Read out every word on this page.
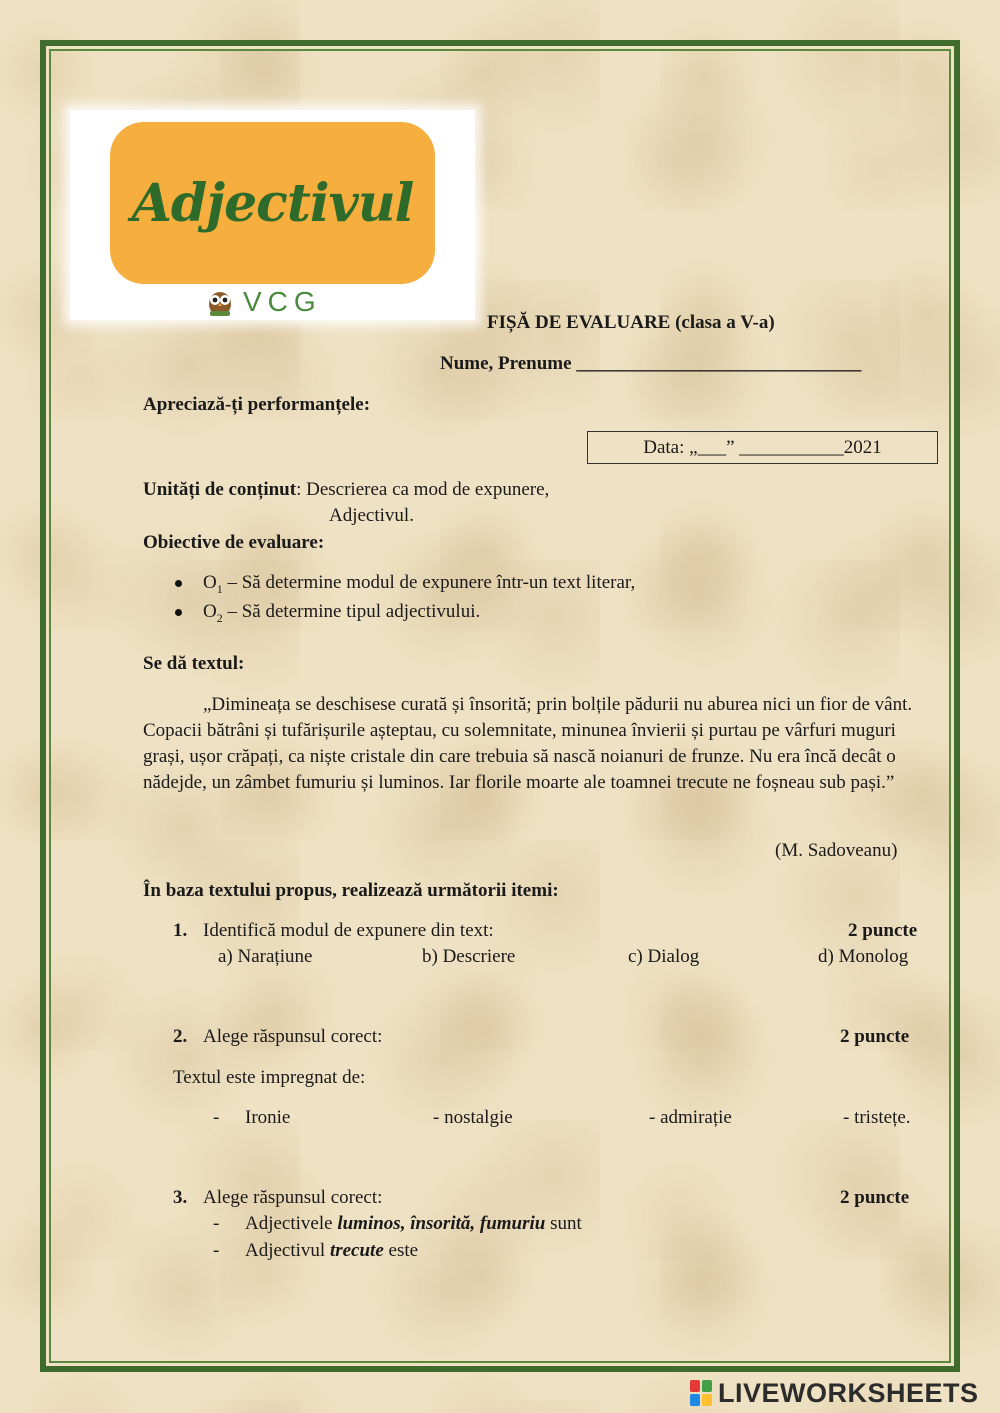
Adjectivul
VCG
FIȘĂ DE EVALUARE (clasa a V-a)
Nume, Prenume ______________________________
Apreciază-ți performanțele:
Data: „___” ___________2021
Unități de conținut: Descrierea ca mod de expunere,
Adjectivul.
Obiective de evaluare:
$O_1$ – Să determine modul de expunere într-un text literar,
$O_2$ – Să determine tipul adjectivului.
Se dă textul:
„Dimineața se deschisese curată și însorită; prin bolțile pădurii nu aburea nici un fior de vânt. Copacii bătrâni și tufărișurile așteptau, cu solemnitate, minunea învierii și purtau pe vârfuri muguri grași, ușor crăpați, ca niște cristale din care trebuia să nască noianuri de frunze. Nu era încă decât o nădejde, un zâmbet fumuriu și luminos. Iar florile moarte ale toamnei trecute ne foșneau sub pași.”
(M. Sadoveanu)
În baza textului propus, realizează următorii itemi:
1. Identifică modul de expunere din text:	2 puncte
a) Narațiune	b) Descriere	c) Dialog	d) Monolog
2. Alege răspunsul corect:	2 puncte
Textul este impregnat de:
- Ironie	- nostalgie	- admirație	- tristețe.
3. Alege răspunsul corect:	2 puncte
- Adjectivele luminos, însorită, fumuriu sunt
- Adjectivul trecute este
LIVEWORKSHEETS
